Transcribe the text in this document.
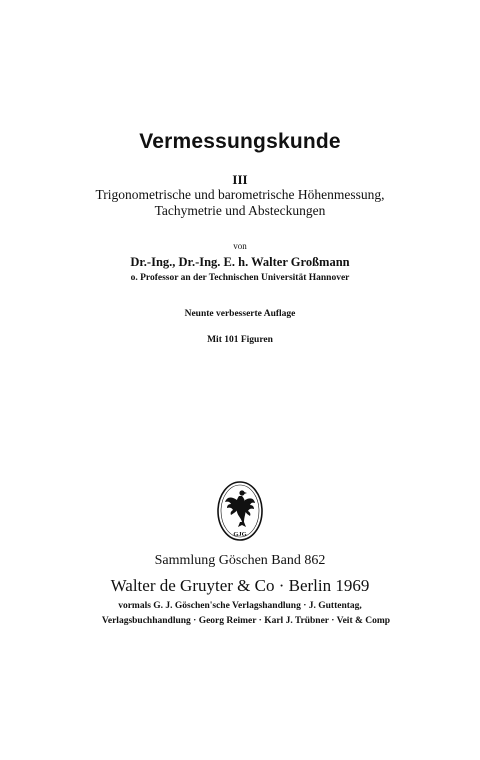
Vermessungskunde
III
Trigonometrische und barometrische Höhenmessung,
Tachymetrie und Absteckungen
von
Dr.-Ing., Dr.-Ing. E. h. Walter Großmann
o. Professor an der Technischen Universität Hannover
Neunte verbesserte Auflage
Mit 101 Figuren
GJG
Sammlung Göschen Band 862
Walter de Gruyter & Co · Berlin 1969
vormals G. J. Göschen'sche Verlagshandlung · J. Guttentag,
Verlagsbuchhandlung · Georg Reimer · Karl J. Trübner · Veit & Comp
